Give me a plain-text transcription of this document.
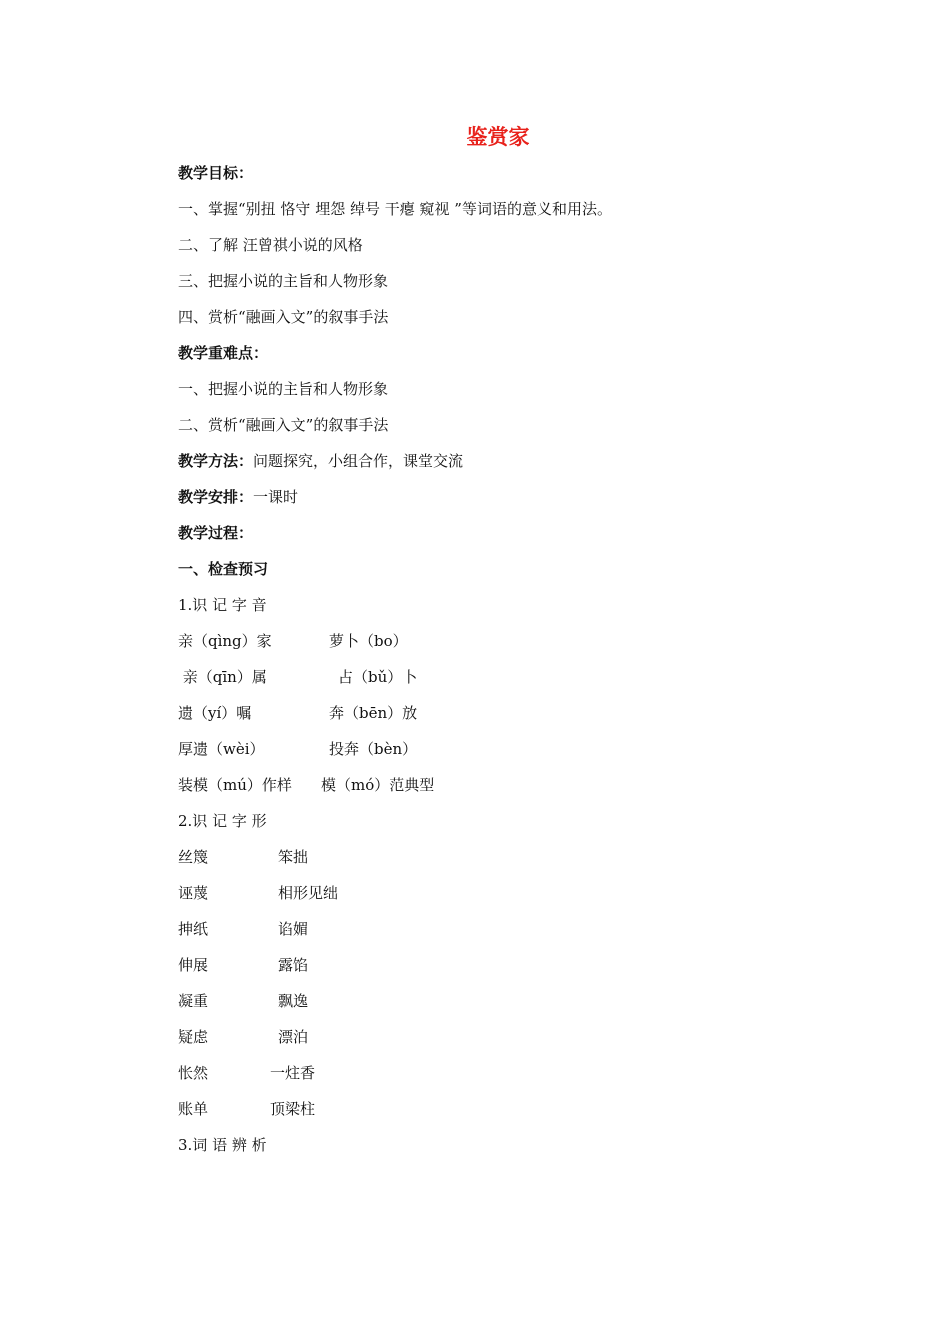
鉴赏家
教学目标：
一、掌握“别扭 恪守 埋怨 绰号 干瘪 窥视 ”等词语的意义和用法。
二、了解 汪曾祺小说的风格
三、把握小说的主旨和人物形象
四、赏析“融画入文”的叙事手法
教学重难点：
一、把握小说的主旨和人物形象
二、赏析“融画入文”的叙事手法
教学方法：问题探究，小组合作，课堂交流
教学安排：一课时
教学过程：
一、检查预习
1.识 记 字 音
亲（qìng）家	萝卜（bo）
亲（qīn）属	占（bǔ）卜
遗（yí）嘱	奔（bēn）放
厚遗（wèi）	投奔（bèn）
装模（mú）作样 模（mó）范典型
2.识 记 字 形
丝篾	笨拙
诬蔑	相形见绌
抻纸	谄媚
伸展	露馅
凝重	飘逸
疑虑	漂泊
怅然	一炷香
账单	顶梁柱
3.词 语 辨 析
